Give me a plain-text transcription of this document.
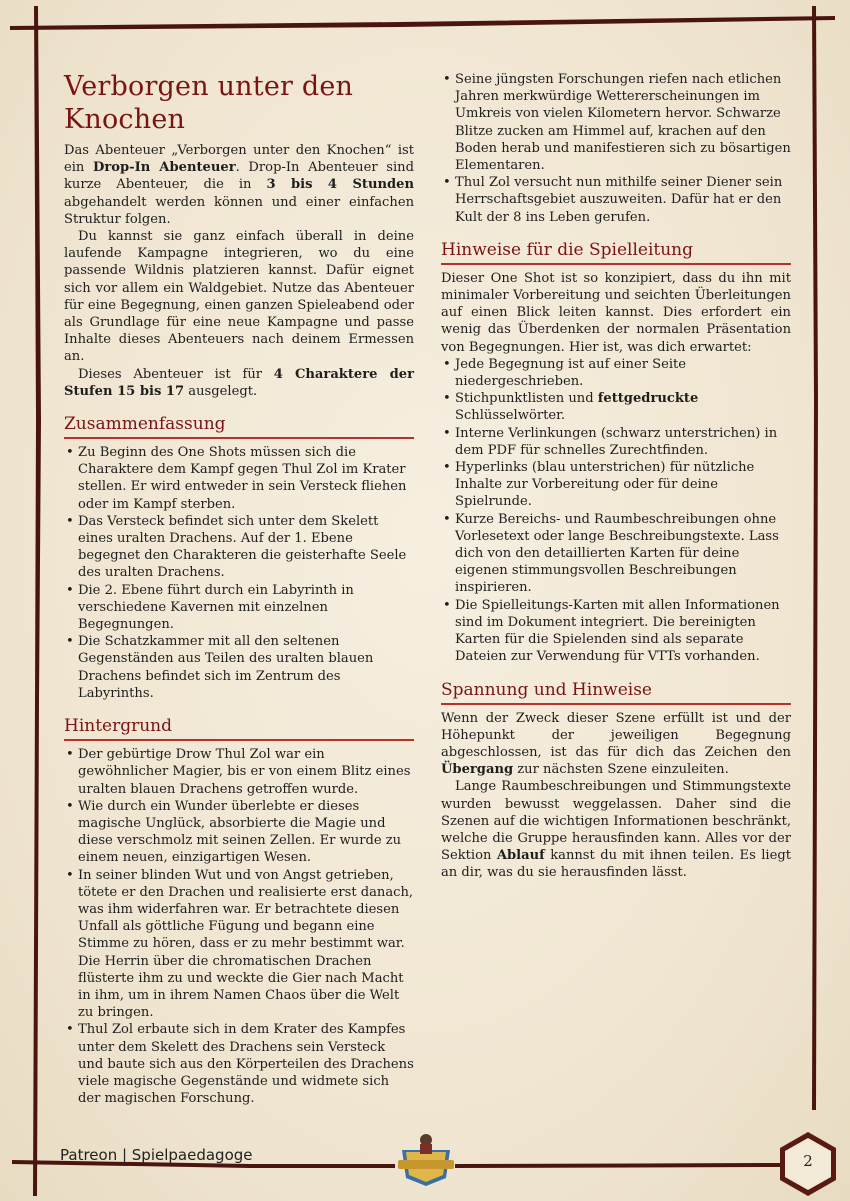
Verborgen unter den Knochen

Das Abenteuer „Verborgen unter den Knochen“ ist ein Drop-In Abenteuer. Drop-In Abenteuer sind kurze Abenteuer, die in 3 bis 4 Stunden abgehandelt werden können und einer einfachen Struktur folgen.

Du kannst sie ganz einfach überall in deine laufende Kampagne integrieren, wo du eine passende Wildnis platzieren kannst. Dafür eignet sich vor allem ein Waldgebiet. Nutze das Abenteuer für eine Begegnung, einen ganzen Spieleabend oder als Grundlage für eine neue Kampagne und passe Inhalte dieses Abenteuers nach deinem Ermessen an.

Dieses Abenteuer ist für 4 Charaktere der Stufen 15 bis 17 ausgelegt.

Zusammenfassung
• Zu Beginn des One Shots müssen sich die Charaktere dem Kampf gegen Thul Zol im Krater stellen. Er wird entweder in sein Versteck fliehen oder im Kampf sterben.
• Das Versteck befindet sich unter dem Skelett eines uralten Drachens. Auf der 1. Ebene begegnet den Charakteren die geisterhafte Seele des uralten Drachens.
• Die 2. Ebene führt durch ein Labyrinth in verschiedene Kavernen mit einzelnen Begegnungen.
• Die Schatzkammer mit all den seltenen Gegenständen aus Teilen des uralten blauen Drachens befindet sich im Zentrum des Labyrinths.
Hintergrund
• Der gebürtige Drow Thul Zol war ein gewöhnlicher Magier, bis er von einem Blitz eines uralten blauen Drachens getroffen wurde.
• Wie durch ein Wunder überlebte er dieses magische Unglück, absorbierte die Magie und diese verschmolz mit seinen Zellen. Er wurde zu einem neuen, einzigartigen Wesen.
• In seiner blinden Wut und von Angst getrieben, tötete er den Drachen und realisierte erst danach, was ihm widerfahren war. Er betrachtete diesen Unfall als göttliche Fügung und begann eine Stimme zu hören, dass er zu mehr bestimmt war. Die Herrin über die chromatischen Drachen flüsterte ihm zu und weckte die Gier nach Macht in ihm, um in ihrem Namen Chaos über die Welt zu bringen.
• Thul Zol erbaute sich in dem Krater des Kampfes unter dem Skelett des Drachens sein Versteck und baute sich aus den Körperteilen des Drachens viele magische Gegenstände und widmete sich der magischen Forschung.
• Seine jüngsten Forschungen riefen nach etlichen Jahren merkwürdige Wettererscheinungen im Umkreis von vielen Kilometern hervor. Schwarze Blitze zucken am Himmel auf, krachen auf den Boden herab und manifestieren sich zu bösartigen Elementaren.
• Thul Zol versucht nun mithilfe seiner Diener sein Herrschaftsgebiet auszuweiten. Dafür hat er den Kult der 8 ins Leben gerufen.
Hinweise für die Spielleitung

Dieser One Shot ist so konzipiert, dass du ihn mit minimaler Vorbereitung und seichten Überleitungen auf einen Blick leiten kannst. Dies erfordert ein wenig das Überdenken der normalen Präsentation von Begegnungen. Hier ist, was dich erwartet:

• Jede Begegnung ist auf einer Seite niedergeschrieben.
• Stichpunktlisten und fettgedruckte Schlüsselwörter.
• Interne Verlinkungen (schwarz unterstrichen) in dem PDF für schnelles Zurechtfinden.
• Hyperlinks (blau unterstrichen) für nützliche Inhalte zur Vorbereitung oder für deine Spielrunde.
• Kurze Bereichs- und Raumbeschreibungen ohne Vorlesetext oder lange Beschreibungstexte. Lass dich von den detaillierten Karten für deine eigenen stimmungsvollen Beschreibungen inspirieren.
• Die Spielleitungs-Karten mit allen Informationen sind im Dokument integriert. Die bereinigten Karten für die Spielenden sind als separate Dateien zur Verwendung für VTTs vorhanden.
Spannung und Hinweise

Wenn der Zweck dieser Szene erfüllt ist und der Höhepunkt der jeweiligen Begegnung abgeschlossen, ist das für dich das Zeichen den Übergang zur nächsten Szene einzuleiten.

Lange Raumbeschreibungen und Stimmungstexte wurden bewusst weggelassen. Daher sind die Szenen auf die wichtigen Informationen beschränkt, welche die Gruppe herausfinden kann. Alles vor der Sektion Ablauf kannst du mit ihnen teilen. Es liegt an dir, was du sie herausfinden lässt.

Patreon | Spielpaedagoge	2
